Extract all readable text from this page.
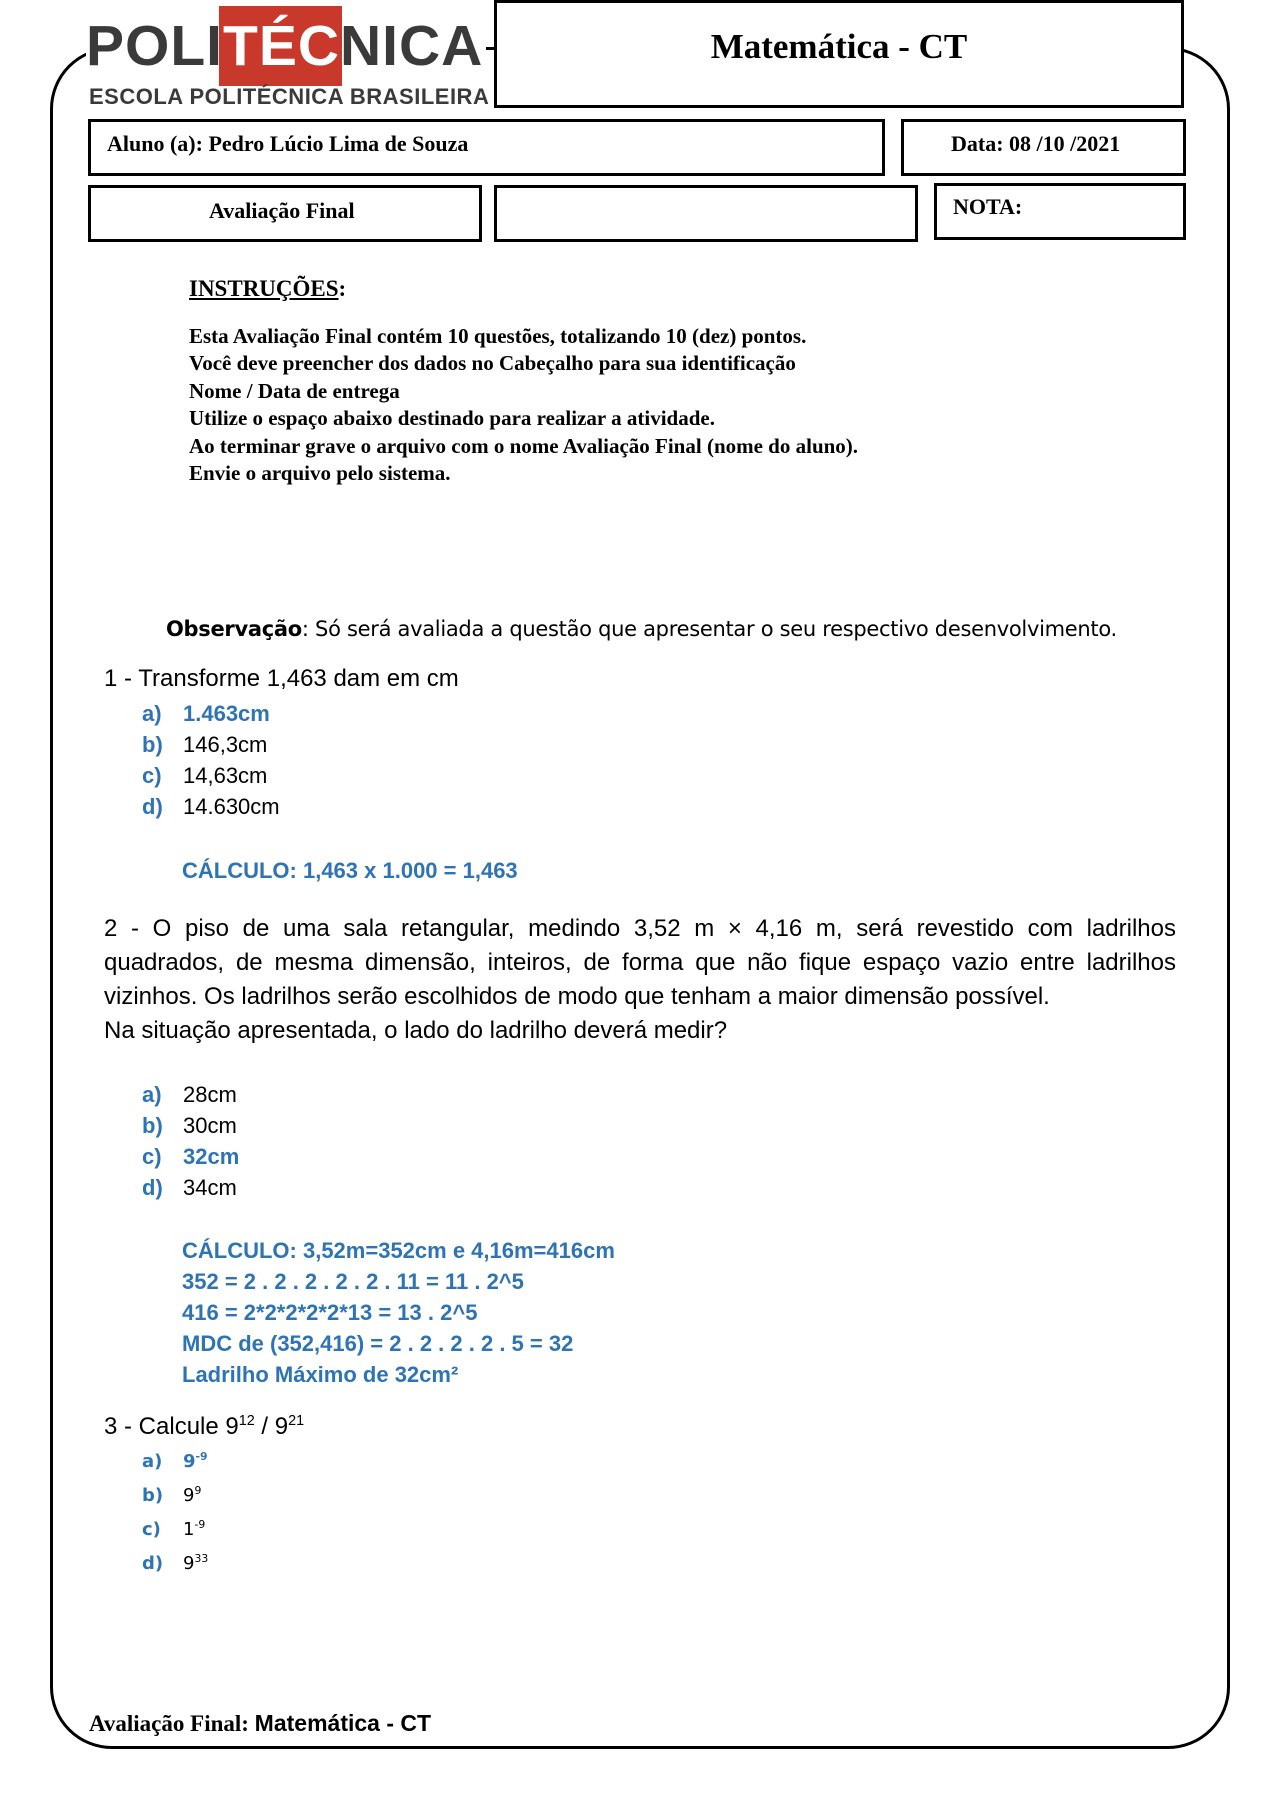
POLITÉCNICA
ESCOLA POLITÉCNICA BRASILEIRA
Matemática - CT
Aluno (a): Pedro Lúcio Lima de Souza	Data: 08 /10 /2021
Avaliação Final	NOTA:
INSTRUÇÕES:
Esta Avaliação Final contém 10 questões, totalizando 10 (dez) pontos.
Você deve preencher dos dados no Cabeçalho para sua identificação
Nome / Data de entrega
Utilize o espaço abaixo destinado para realizar a atividade.
Ao terminar grave o arquivo com o nome Avaliação Final (nome do aluno).
Envie o arquivo pelo sistema.
Observação: Só será avaliada a questão que apresentar o seu respectivo desenvolvimento.
1 - Transforme 1,463 dam em cm
a) 1.463cm
b) 146,3cm
c) 14,63cm
d) 14.630cm
CÁLCULO: 1,463 x 1.000 = 1,463
2 - O piso de uma sala retangular, medindo 3,52 m × 4,16 m, será revestido com ladrilhos quadrados, de mesma dimensão, inteiros, de forma que não fique espaço vazio entre ladrilhos vizinhos. Os ladrilhos serão escolhidos de modo que tenham a maior dimensão possível.
Na situação apresentada, o lado do ladrilho deverá medir?
a) 28cm
b) 30cm
c) 32cm
d) 34cm
CÁLCULO: 3,52m=352cm e 4,16m=416cm
352 = 2 . 2 . 2 . 2 . 2 . 11 = 11 . 2^5
416 = 2*2*2*2*2*13 = 13 . 2^5
MDC de (352,416) = 2 . 2 . 2 . 2 . 5 = 32
Ladrilho Máximo de 32cm²
3 - Calcule $9^{12} / 9^{21}$
a) $9^{-9}$
b) $9^9$
c) $1^{-9}$
d) $9^{33}$
Avaliação Final: Matemática - CT
